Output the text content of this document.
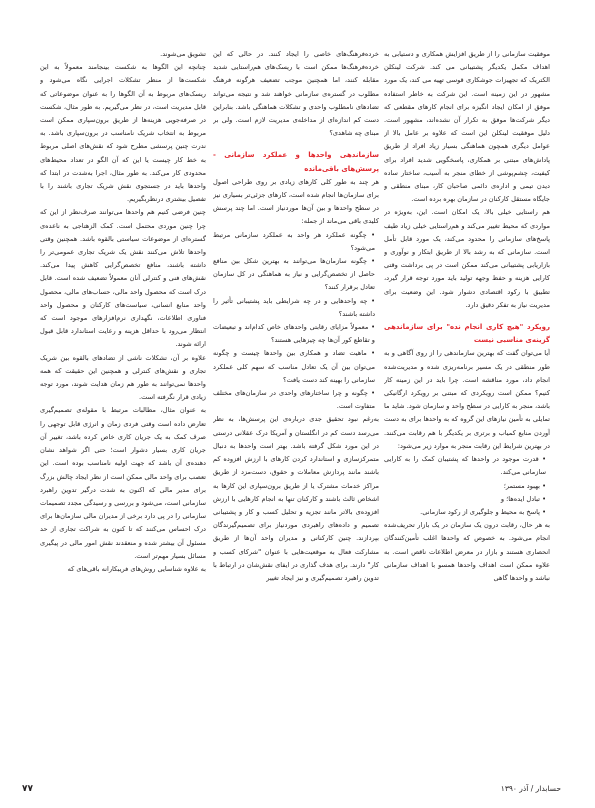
موفقیت سازمانی را از طریق افزایش همکاری و دستیابی به اهداف مکمل یکدیگر پشتیبانی می کند. شرکت لینکلن الکتریک که تجهیزات جوشکاری قوسی تهیه می کند، یک مورد مشهور در این زمینه است. این شرکت به خاطر استفاده موفق از امکان ایجاد انگیزه برای انجام کارهای مقطعی که دیگر شرکت‌ها موفق به تکرار آن نشده‌اند، مشهور است. دلیل موفقیت لینکلن این است که علاوه بر عامل بالا از عوامل دیگری همچون هماهنگی بسیار زیاد افراد از طریق پاداش‌های مبتنی بر همکاری، پاسخگویی شدید افراد برای کیفیت، چشم‌پوشی از خطای منجر به آسیب، ساختار ساده دیدن تیمی و اداره‌ی دائمی صاحبان کار، مبنای منطقی و جایگاه مستقل کارکنان در سازمان بهره برده است.

هم راستایی خیلی بالا، یک امکان است. این، به‌ویژه در مواردی که محیط تغییر می‌کند و هم‌راستایی خیلی زیاد طیف پاسخ‌های سازمانی را محدود می‌کند، یک مورد قابل تأمل است. سازمانی که به رشد بالا از طریق ابتکار و نوآوری و بازاریابی پشتیبانی می‌کند ممکن است در پی برداشت وقتی کارایی هزینه و حفظ وجهه تولید باید مورد توجه قرار گیرد، تطبیق با رکود اقتصادی دشوار شود. این وضعیت برای مدیریت نیاز به تفکر دقیق دارد.

رویکرد "هیچ کاری انجام نده" برای سازماندهی گزینه‌ی مناسبی نیست

آیا می‌توان گفت که بهترین سازماندهی را از روی آگاهی و به طور منطقی در یک مسیر برنامه‌ریزی شده و مدیریت‌شده انجام داد، مورد مناقشه است. چرا باید در این زمینه کار کنیم؟ ممکن است رویکردی که مبتنی بر رویکرد ارگانیکی باشد، منجر به کارایی در سطح واحد و سازمان شود. شاید ما تمایلی به تأمین نیازهای این گروه که به واحدها برای به دست آوردن منابع کمیاب و برتری بر یکدیگر با هم رقابت می‌کنند. در بهترین شرایط این رقابت منجر به موارد زیر می‌شود:

• قدرت موجود در واحدها که پشتیبان کمک را به کارایی سازمانی می‌کند.

• بهبود مستمر؛

• تبادل ایده‌ها؛ و

• پاسخ به محیط و جلوگیری از رکود سازمانی.

به هر حال، رقابت درون یک سازمان در یک بازار تحریف‌شده انجام می‌شود. به خصوص که واحدها اغلب تأمین‌کنندگان انحصاری هستند و بازار در معرض اطلاعات ناقص است. به علاوه ممکن است اهداف واحدها همسو با اهداف سازمانی نباشد و واحدها گاهی

خرده‌فرهنگ‌های خاصی را ایجاد کنند. در حالی که این خرده‌فرهنگ‌ها ممکن است با ریسک‌های هم‌راستایی شدید مقابله کنند، اما همچنین موجب تضعیف هرگونه فرهنگ مطلوب در گستره‌ی سازمانی خواهند شد و نتیجه می‌تواند تضادهای نامطلوب واحدی و تشکلات هماهنگی باشد. بنابراین دست کم اندازه‌ای از مداخله‌ی مدیریت لازم است. ولی بر مبنای چه شاهدی؟

سازماندهی واحدها و عملکرد سازمانی - پرسش‌های باقی‌مانده

هر چند به طور کلی کارهای زیادی بر روی طراحی اصول برای سازمان‌ها انجام شده است، کارهای جزئی‌تر بسیاری نیز در سطح واحدها و بین آن‌ها موردنیاز است. اما چند پرسش کلیدی باقی می‌ماند از جمله:

• چگونه عملکرد هر واحد به عملکرد سازمانی مرتبط می‌شود؟

• چگونه سازمان‌ها می‌توانند به بهترین شکل بین منافع حاصل از تخصص‌گرایی و نیاز به هماهنگی در کل سازمان تعادل برقرار کنند؟

• چه واحدهایی و در چه شرایطی باید پشتیبانی تأثیر را داشته باشند؟

• معمولاً مزایای رقابتی واحدهای خاص کدام‌اند و تبعیضات و تقاطع کور آن‌ها چه چیزهایی هستند؟

• ماهیت تضاد و همکاری بین واحدها چیست و چگونه می‌توان بین آن یک تعادل مناسب که سهم کلی عملکرد سازمانی را بهینه کند دست یافت؟

• چگونه و چرا ساختارهای واحدی در سازمان‌های مختلف متفاوت است.

به‌رغم نبود تحقیق جدی درباره‌ی این پرسش‌ها، به نظر می‌رسد دست کم در انگلستان و آمریکا درک عقلانی درستی در این مورد شکل گرفته باشد. بهتر است واحدها به دنبال متمرکزسازی و استاندارد کردن کارهای با ارزش افزوده کم باشند مانند پردازش معاملات و حقوق، دست‌مزد از طریق مراکز خدمات مشترک یا از طریق برون‌سپاری این کارها به اشخاص ثالث باشند و کارکنان تنها به انجام کارهایی با ارزش افزوده‌ی بالاتر مانند تجزیه و تحلیل کسب و کار و پشتیبانی تصمیم و داده‌های راهبردی موردنیاز برای تصمیم‌گیرندگان بپردازند. چنین کارکنانی و مدیران واحد آن‌ها از طریق مشارکت فعال به موقعیت‌هایی با عنوان "شرکای کسب و کار" دارند. برای هدف گذاری در ایفای نقش‌شان در ارتباط با تدوین راهبرد تصمیم‌گیری و نیز ایجاد تغییر

تشویق می‌شوند.

چنانچه این الگوها به شکست بینجامند معمولاً به این شکست‌ها از منظر تشکلات اجرایی نگاه می‌شود و ریسک‌های مربوط به آن الگوها را به عنوان موضوعاتی که قابل مدیریت است، در نظر می‌گیریم. به طور مثال، شکست در صرفه‌جویی هزینه‌ها از طریق برون‌سپاری ممکن است مربوط به انتخاب شریک نامناسب در برون‌سپاری باشد. به ندرت چنین پرسشی مطرح شود که نقش‌های اصلی مربوط به خط کار چیست یا این که آن الگو در تعداد محیط‌های محدودی کار می‌کند. به طور مثال، اجرا به‌شدت در ابتدا که واحدها باید در جستجوی نقش شریک تجاری باشند را با تفصیل بیشتری درنظربگیریم.

چنین فرضی کنیم هم واحدها می‌توانند صرف‌نظر از این که چرا چنین موردی محتمل است. کمک الزهتاجی به ناعده‌ی گستره‌ای از موضوعات سیاستی بالقوه باشد. همچنین وقتی واحدها تلاش می‌کنند نقش یک شریک تجاری عمومی‌تر را داشته باشند، منافع تخصص‌گرایی کاهش پیدا می‌کند. نقش‌های فنی و کنترلی آنان معمولاً تضعیف شده است. قابل درک است که محصول واحد مالی، حساب‌های مالی، محصول واحد منابع انسانی، سیاست‌های کارکنان و محصول واحد فناوری اطلاعات، نگهداری نرم‌افزارهای موجود است که انتظار می‌رود با حداقل هزینه و رعایت استاندارد قابل قبول ارائه شوند.

علاوه بر آن، تشکلات ناشی از تضادهای بالقوه بین شریک تجاری و نقش‌های کنترلی و همچنین این حقیقت که همه واحدها نمی‌توانند به طور هم زمان هدایت شوند، مورد توجه زیادی قرار نگرفته است.

به عنوان مثال، مطالبات مرتبط با مقوله‌ی تصمیم‌گیری تعارض داده است وقتی فردی زمان و انرژی قابل توجهی را صرف کمک به یک جریان کاری خاص کرده باشد، تغییر آن جریان کاری بسیار دشوار است؛ حتی اگر شواهد نشان دهنده‌ی آن باشد که جهت اولیه نامناسب بوده است. این تعصب برای واحد مالی ممکن است از نظر ایجاد چالش بزرگ برای مدیر مالی که اکنون به شدت درگیر تدوین راهبرد سازمانی است، می‌شود و بررسی و رسیدگی مجدد تصمیمات سازمانی را در پی دارد برخی از مدیران مالی سازمان‌ها برای درک احساس می‌کنند که تا کنون به شراکت تجاری از حد مسئول آن بیشتر شده و منعقدند نقش امور مالی در پیگیری مسائل بسیار مهم‌تر است.

به علاوه شناسایی روش‌های فریبکارانه باقی‌های که

۷۷	حسابدار / آذر ۱۳۹۰
